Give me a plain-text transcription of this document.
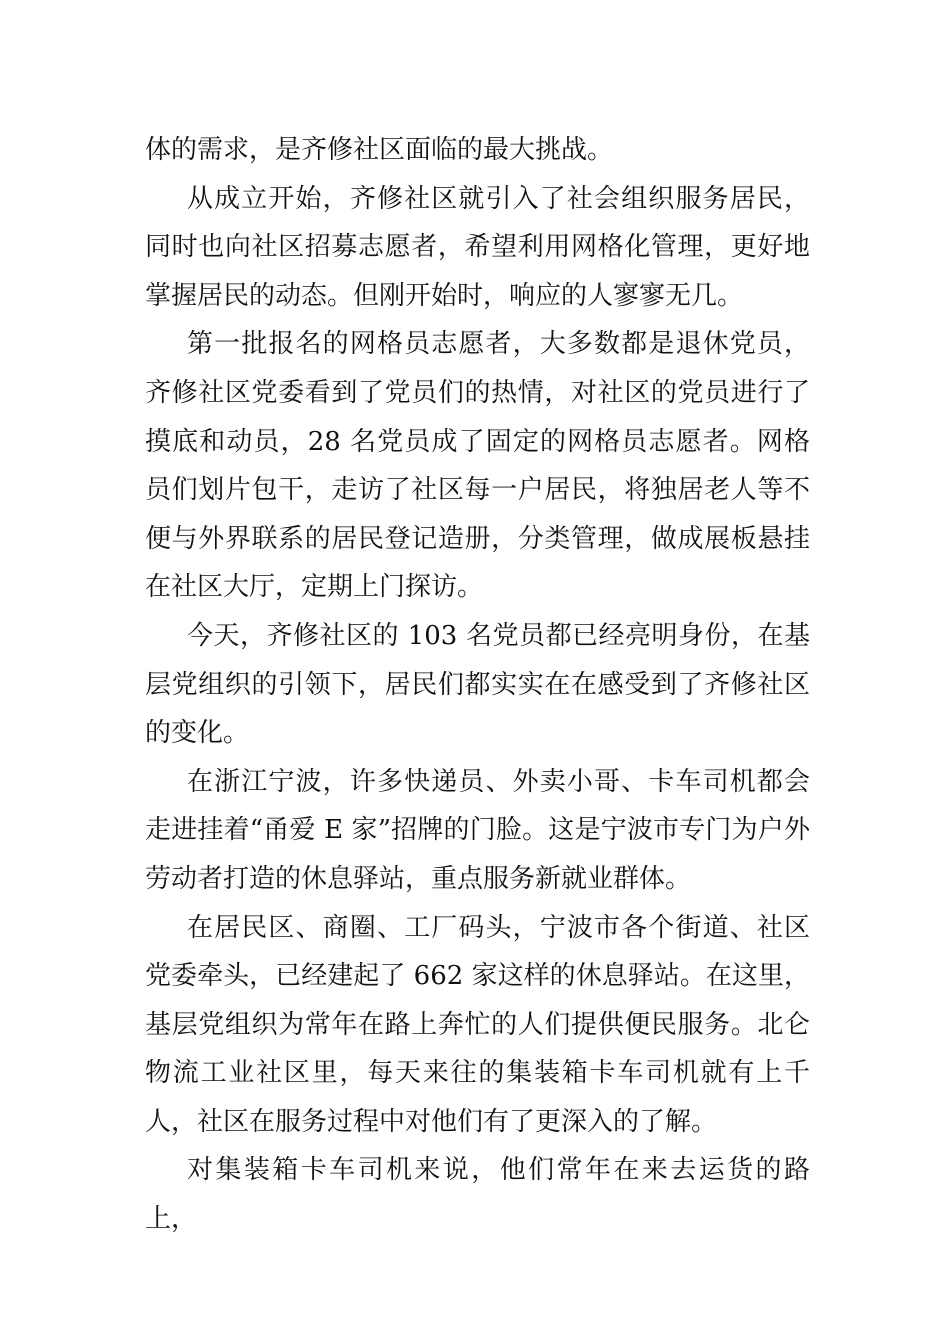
体的需求，是齐修社区面临的最大挑战。

从成立开始，齐修社区就引入了社会组织服务居民，同时也向社区招募志愿者，希望利用网格化管理，更好地掌握居民的动态。但刚开始时，响应的人寥寥无几。

第一批报名的网格员志愿者，大多数都是退休党员，齐修社区党委看到了党员们的热情，对社区的党员进行了摸底和动员，28 名党员成了固定的网格员志愿者。网格员们划片包干，走访了社区每一户居民，将独居老人等不便与外界联系的居民登记造册，分类管理，做成展板悬挂在社区大厅，定期上门探访。

今天，齐修社区的 103 名党员都已经亮明身份，在基层党组织的引领下，居民们都实实在在感受到了齐修社区的变化。

在浙江宁波，许多快递员、外卖小哥、卡车司机都会走进挂着“甬爱 E 家”招牌的门脸。这是宁波市专门为户外劳动者打造的休息驿站，重点服务新就业群体。

在居民区、商圈、工厂码头，宁波市各个街道、社区党委牵头，已经建起了 662 家这样的休息驿站。在这里，基层党组织为常年在路上奔忙的人们提供便民服务。北仑物流工业社区里，每天来往的集装箱卡车司机就有上千人，社区在服务过程中对他们有了更深入的了解。

对集装箱卡车司机来说，他们常年在来去运货的路上，
